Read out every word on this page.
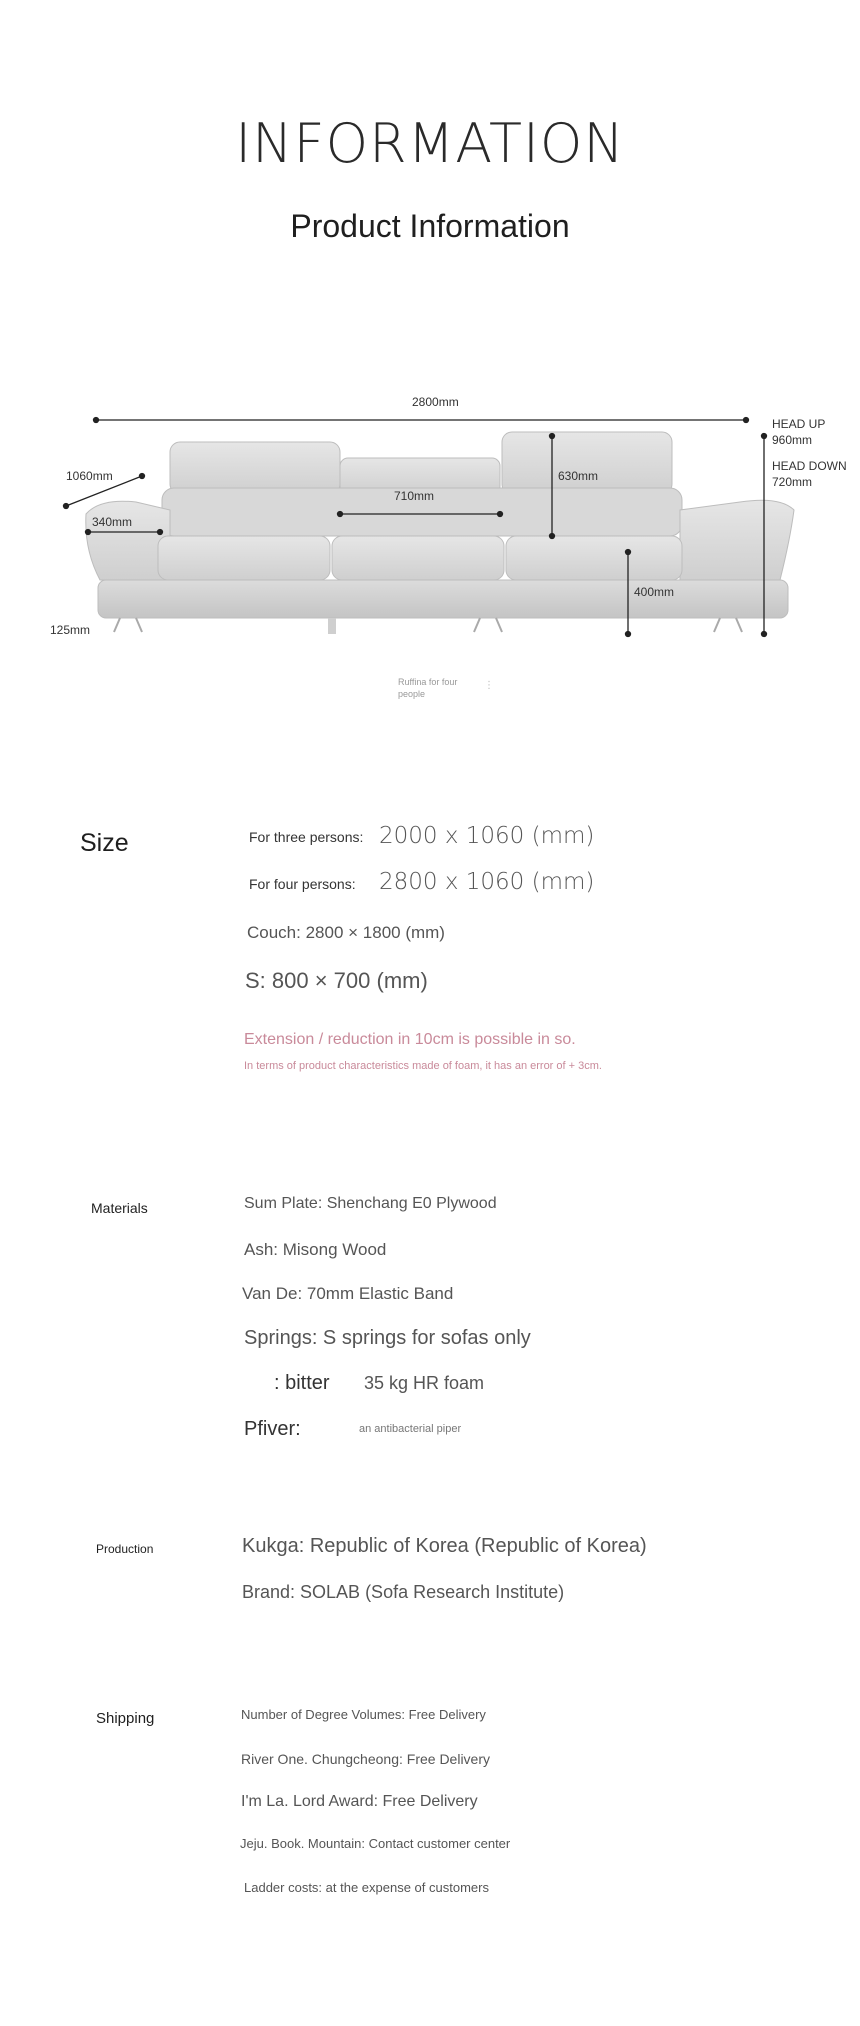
INFORMATION
Product Information
2800mm
1060mm
340mm
125mm
710mm
630mm
400mm
HEAD UP
960mm
HEAD DOWN
720mm
Ruffina for four people
⋮
Size	For three persons: 2000 x 1060 (mm)
For four persons: 2800 x 1060 (mm)
Couch: 2800 × 1800 (mm)
S: 800 × 700 (mm)
Extension / reduction in 10cm is possible in so.
In terms of product characteristics made of foam, it has an error of + 3cm.
Materials	Sum Plate: Shenchang E0 Plywood
Ash: Misong Wood
Van De: 70mm Elastic Band
Springs: S springs for sofas only
: bitter 35 kg HR foam
Pfiver:	an antibacterial piper
Production	Kukga: Republic of Korea (Republic of Korea)
Brand: SOLAB (Sofa Research Institute)
Shipping	Number of Degree Volumes: Free Delivery
River One. Chungcheong: Free Delivery
I'm La. Lord Award: Free Delivery
Jeju. Book. Mountain: Contact customer center
Ladder costs: at the expense of customers
